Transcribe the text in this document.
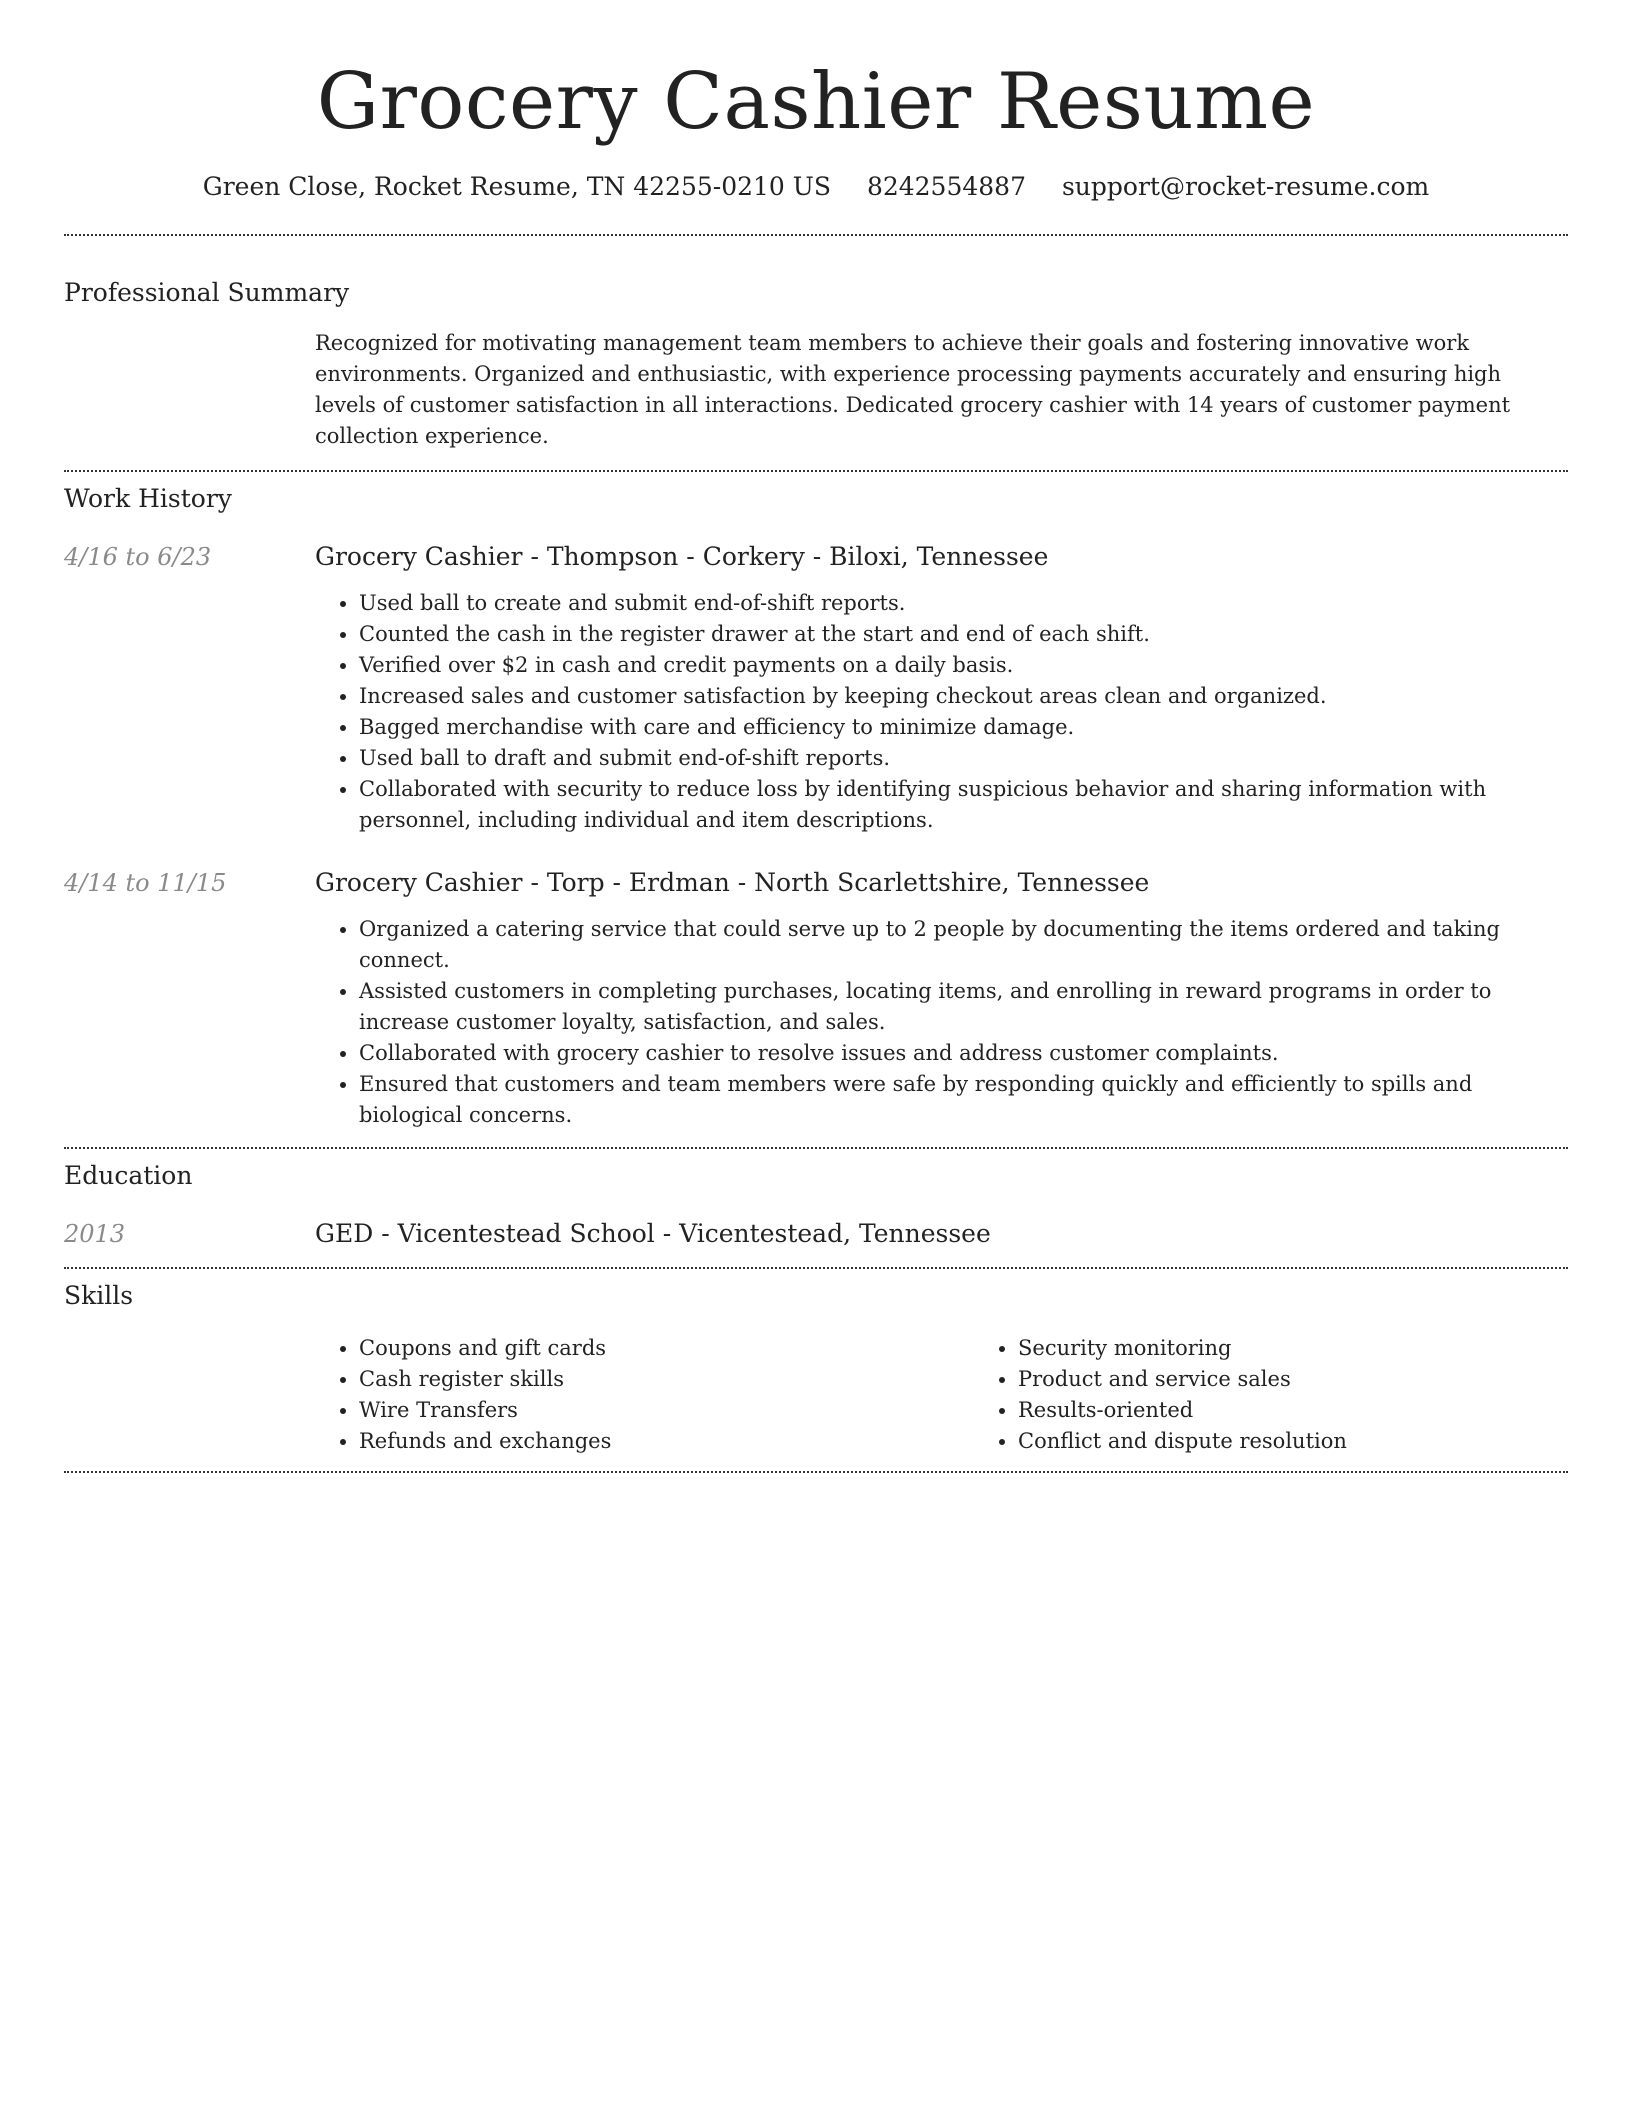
Grocery Cashier Resume
Green Close, Rocket Resume, TN 42255-0210 US 8242554887 support@rocket-resume.com
Professional Summary

Recognized for motivating management team members to achieve their goals and fostering innovative work environments. Organized and enthusiastic, with experience processing payments accurately and ensuring high levels of customer satisfaction in all interactions. Dedicated grocery cashier with 14 years of customer payment collection experience.

Work History
4/16 to 6/23	Grocery Cashier - Thompson - Corkery - Biloxi, Tennessee
• Used ball to create and submit end-of-shift reports.
• Counted the cash in the register drawer at the start and end of each shift.
• Verified over $2 in cash and credit payments on a daily basis.
• Increased sales and customer satisfaction by keeping checkout areas clean and organized.
• Bagged merchandise with care and efficiency to minimize damage.
• Used ball to draft and submit end-of-shift reports.
• Collaborated with security to reduce loss by identifying suspicious behavior and sharing information with personnel, including individual and item descriptions.
4/14 to 11/15	Grocery Cashier - Torp - Erdman - North Scarlettshire, Tennessee
• Organized a catering service that could serve up to 2 people by documenting the items ordered and taking connect.
• Assisted customers in completing purchases, locating items, and enrolling in reward programs in order to increase customer loyalty, satisfaction, and sales.
• Collaborated with grocery cashier to resolve issues and address customer complaints.
• Ensured that customers and team members were safe by responding quickly and efficiently to spills and biological concerns.
Education
2013	GED - Vicentestead School - Vicentestead, Tennessee
Skills
• Coupons and gift cards
• Cash register skills
• Wire Transfers
• Refunds and exchanges
• Security monitoring
• Product and service sales
• Results-oriented
• Conflict and dispute resolution
